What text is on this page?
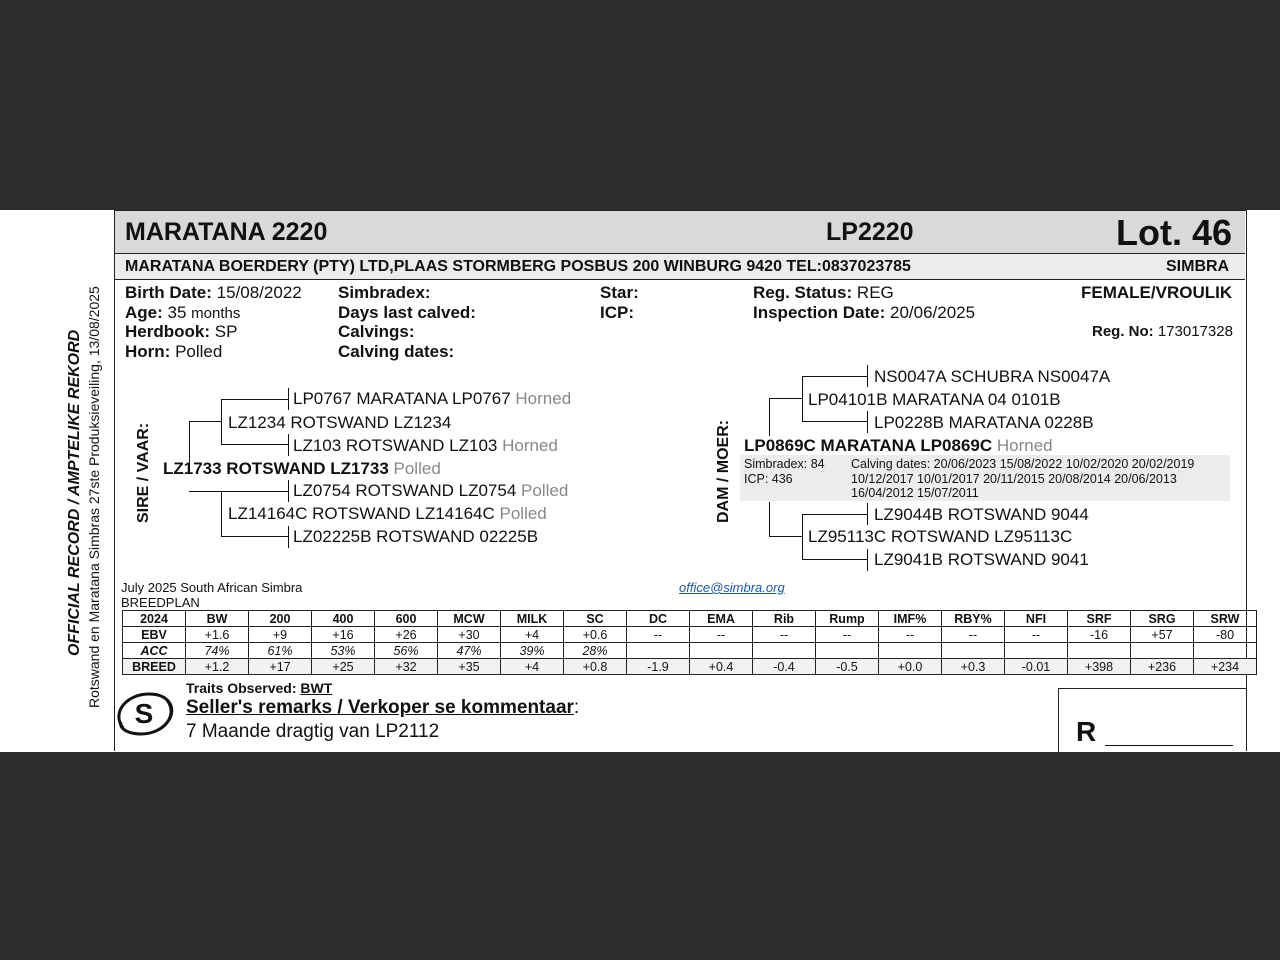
OFFICIAL RECORD / AMPTELIKE REKORD Rotswand en Maratana Simbras 27ste Produksieveiling, 13/08/2025
MARATANA 2220	LP2220	Lot. 46
MARATANA BOERDERY (PTY) LTD,PLAAS STORMBERG POSBUS 200 WINBURG 9420 TEL:0837023785	SIMBRA
Birth Date: 15/08/2022
Age: 35 months
Herdbook: SP
Horn: Polled
Simbradex:
Days last calved:
Calvings:
Calving dates:
Star:
ICP:
Reg. Status: REG
Inspection Date: 20/06/2025
FEMALE/VROULIK
Reg. No: 173017328
SIRE / VAAR:
LP0767 MARATANA LP0767 Horned
LZ1234 ROTSWAND LZ1234
LZ103 ROTSWAND LZ103 Horned
LZ1733 ROTSWAND LZ1733 Polled
LZ0754 ROTSWAND LZ0754 Polled
LZ14164C ROTSWAND LZ14164C Polled
LZ02225B ROTSWAND 02225B
DAM / MOER:
NS0047A SCHUBRA NS0047A
LP04101B MARATANA 04 0101B
LP0228B MARATANA 0228B
LP0869C MARATANA LP0869C Horned
Simbradex: 84
ICP: 436
Calving dates: 20/06/2023 15/08/2022 10/02/2020 20/02/2019
10/12/2017 10/01/2017 20/11/2015 20/08/2014 20/06/2013
16/04/2012 15/07/2011
LZ9044B ROTSWAND 9044
LZ95113C ROTSWAND LZ95113C
LZ9041B ROTSWAND 9041
July 2025 South African Simbra
BREEDPLAN
office@simbra.org
2024	BW	200	400	600	MCW	MILK	SC	DC	EMA	Rib	Rump	IMF%	RBY%	NFI	SRF	SRG	SRW
EBV	+1.6	+9	+16	+26	+30	+4	+0.6	--	--	--	--	--	--	--	-16	+57	-80
ACC	74%	61%	53%	56%	47%	39%	28%										
BREED	+1.2	+17	+25	+32	+35	+4	+0.8	-1.9	+0.4	-0.4	-0.5	+0.0	+0.3	-0.01	+398	+236	+234
S
Traits Observed: BWT
Seller's remarks / Verkoper se kommentaar:
7 Maande dragtig van LP2112	R
